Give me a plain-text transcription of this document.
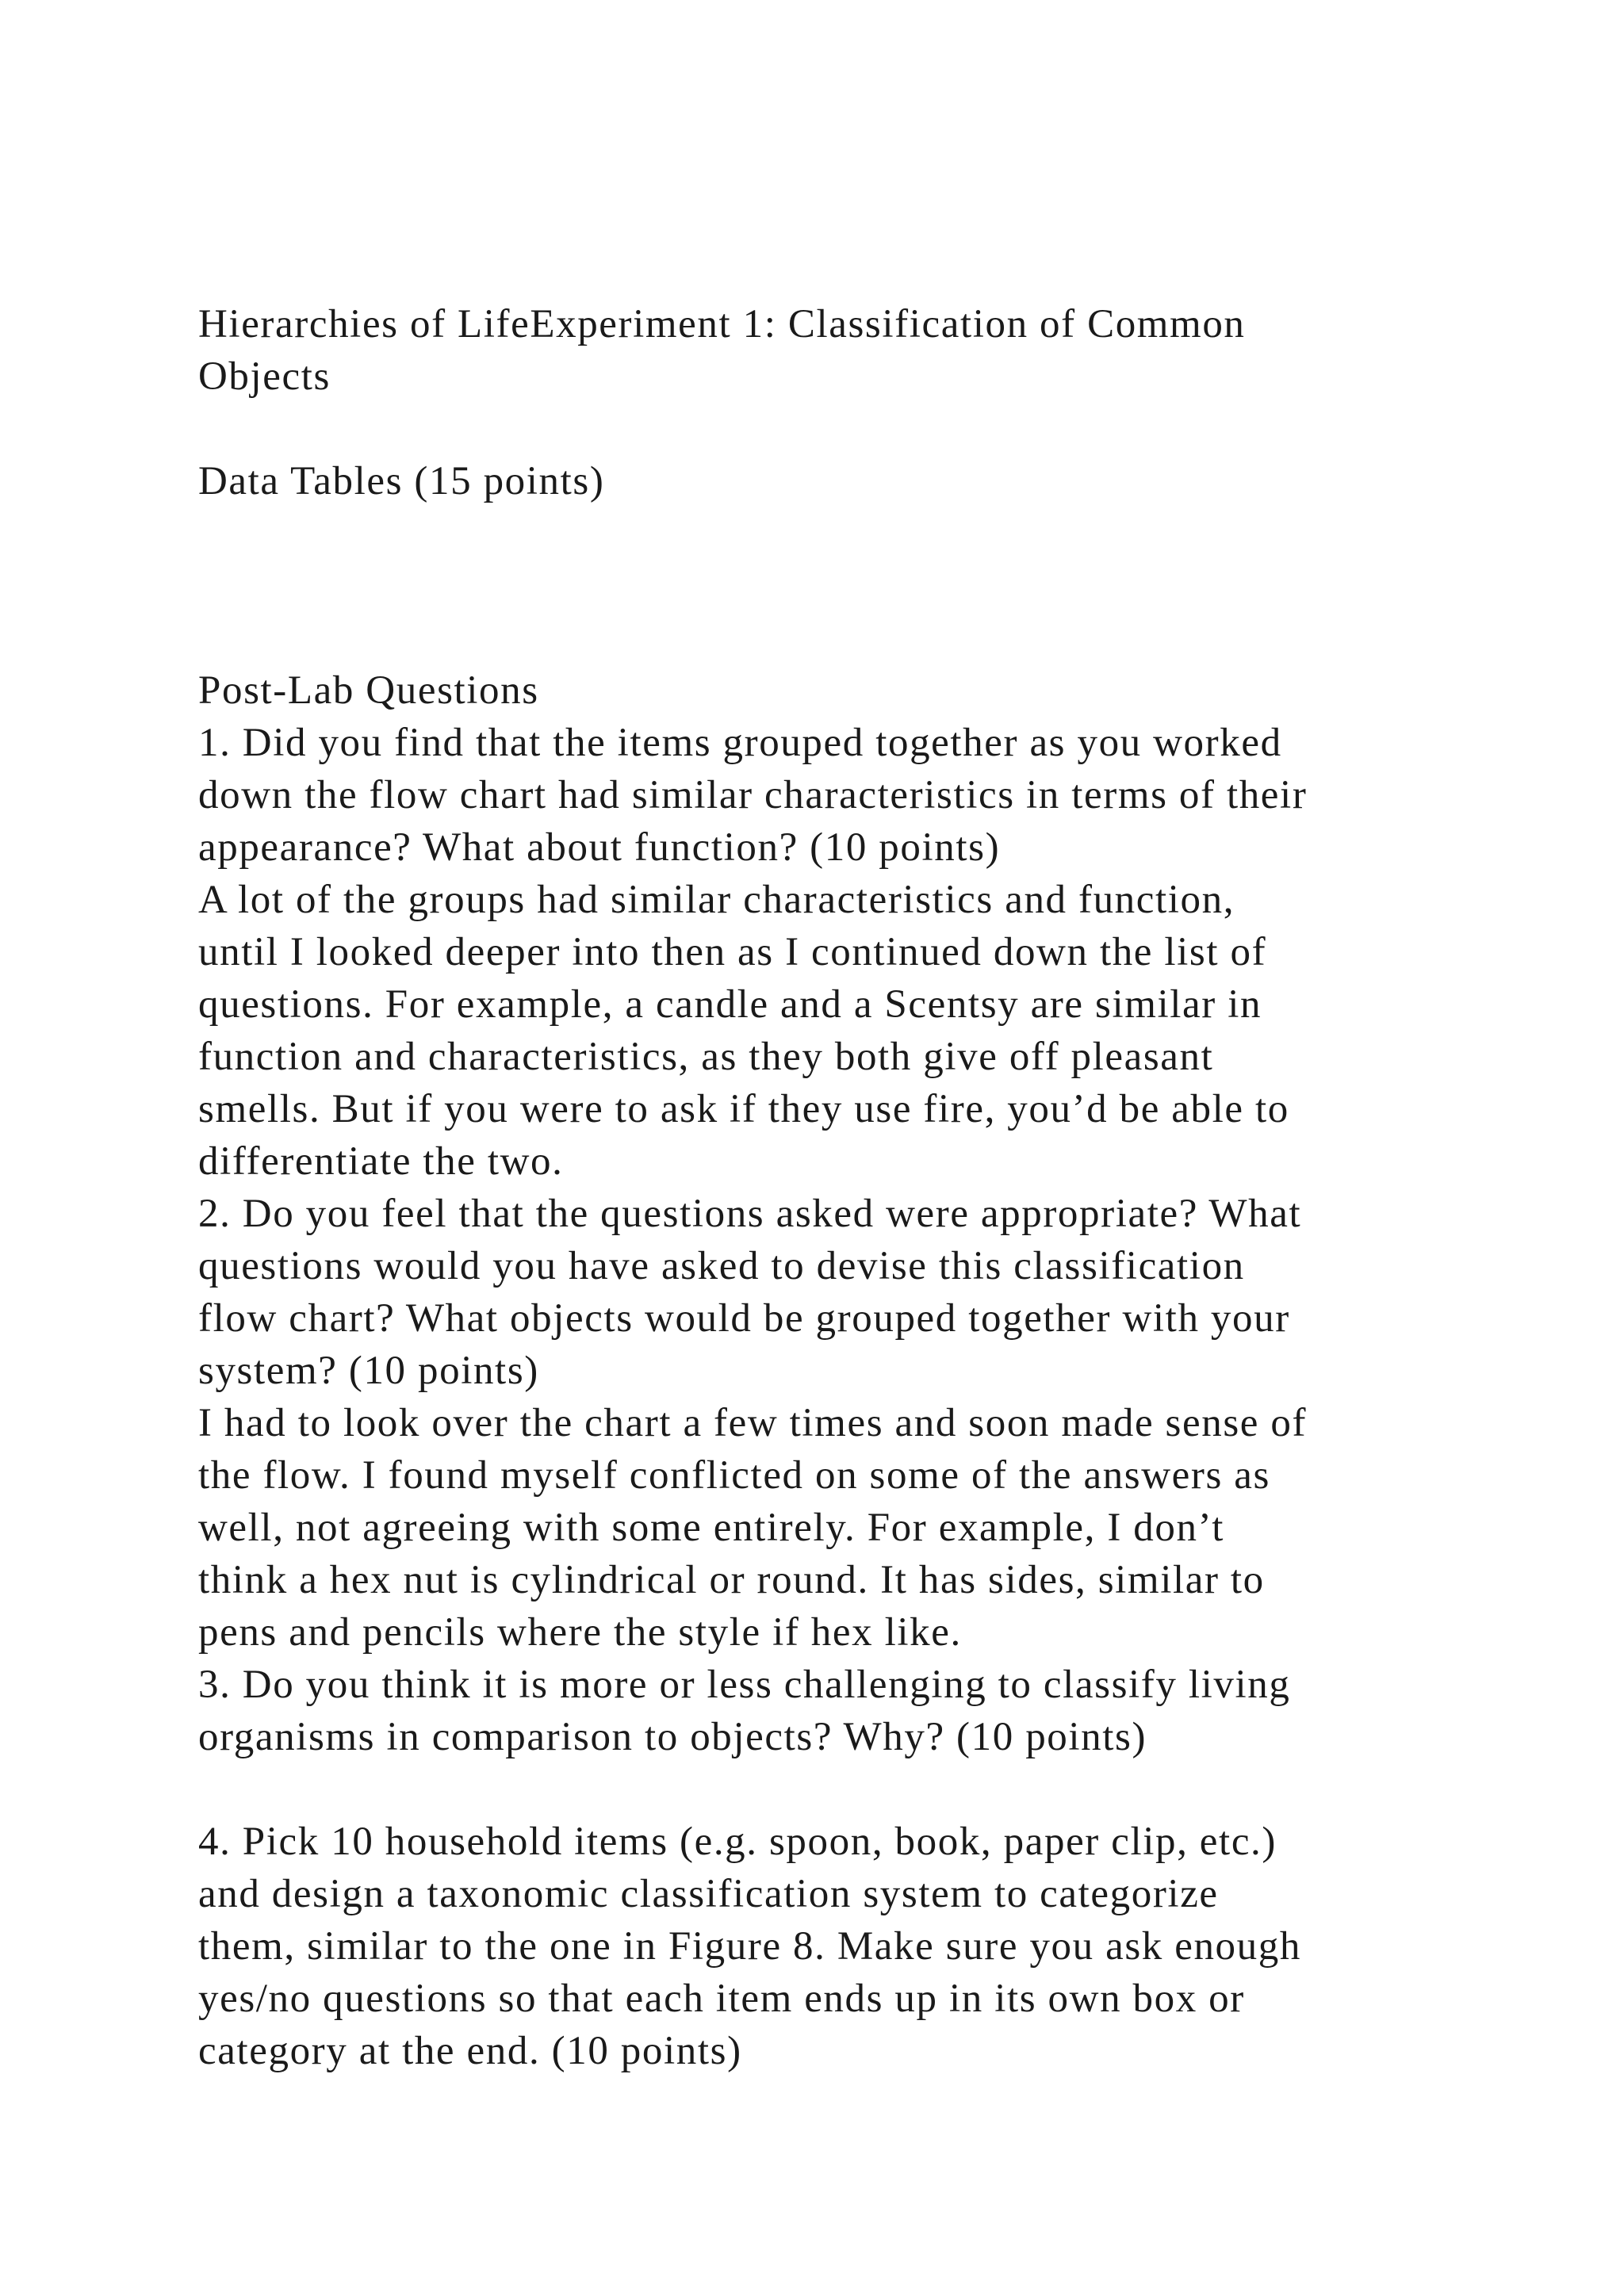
Hierarchies of LifeExperiment 1: Classification of Common
Objects
Data Tables (15 points)
Post-Lab Questions
1. Did you find that the items grouped together as you worked
down the flow chart had similar characteristics in terms of their
appearance? What about function? (10 points)
A lot of the groups had similar characteristics and function,
until I looked deeper into then as I continued down the list of
questions. For example, a candle and a Scentsy are similar in
function and characteristics, as they both give off pleasant
smells. But if you were to ask if they use fire, you’d be able to
differentiate the two.
2. Do you feel that the questions asked were appropriate? What
questions would you have asked to devise this classification
flow chart? What objects would be grouped together with your
system? (10 points)
I had to look over the chart a few times and soon made sense of
the flow. I found myself conflicted on some of the answers as
well, not agreeing with some entirely. For example, I don’t
think a hex nut is cylindrical or round. It has sides, similar to
pens and pencils where the style if hex like.
3. Do you think it is more or less challenging to classify living
organisms in comparison to objects? Why? (10 points)
4. Pick 10 household items (e.g. spoon, book, paper clip, etc.)
and design a taxonomic classification system to categorize
them, similar to the one in Figure 8. Make sure you ask enough
yes/no questions so that each item ends up in its own box or
category at the end. (10 points)
